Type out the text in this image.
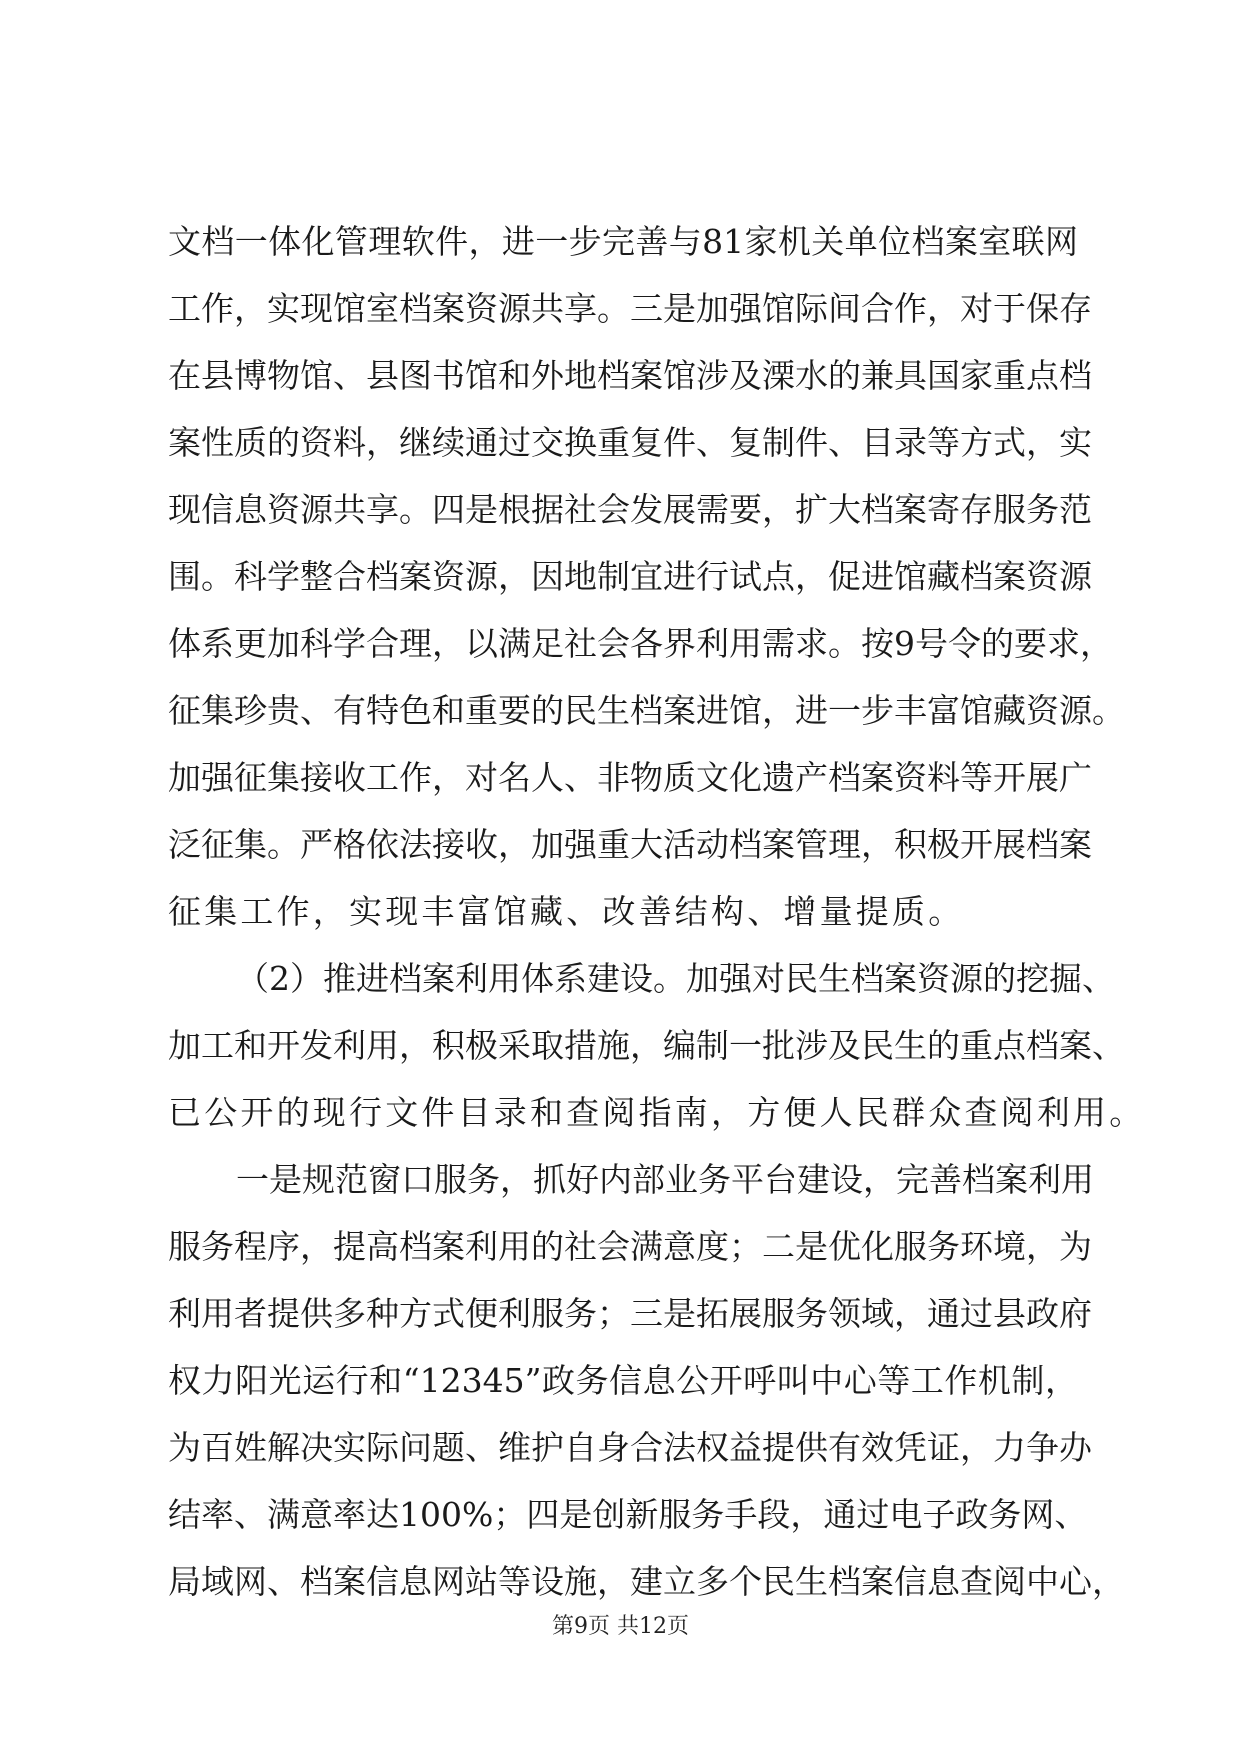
文档一体化管理软件，进一步完善与81家机关单位档案室联网
工作，实现馆室档案资源共享。三是加强馆际间合作，对于保存
在县博物馆、县图书馆和外地档案馆涉及溧水的兼具国家重点档
案性质的资料，继续通过交换重复件、复制件、目录等方式，实
现信息资源共享。四是根据社会发展需要，扩大档案寄存服务范
围。科学整合档案资源，因地制宜进行试点，促进馆藏档案资源
体系更加科学合理，以满足社会各界利用需求。按9号令的要求，
征集珍贵、有特色和重要的民生档案进馆，进一步丰富馆藏资源。
加强征集接收工作，对名人、非物质文化遗产档案资料等开展广
泛征集。严格依法接收，加强重大活动档案管理，积极开展档案
征集工作，实现丰富馆藏、改善结构、增量提质。
（2）推进档案利用体系建设。加强对民生档案资源的挖掘、
加工和开发利用，积极采取措施，编制一批涉及民生的重点档案、
已公开的现行文件目录和查阅指南，方便人民群众查阅利用。
一是规范窗口服务，抓好内部业务平台建设，完善档案利用
服务程序，提高档案利用的社会满意度；二是优化服务环境，为
利用者提供多种方式便利服务；三是拓展服务领域，通过县政府
权力阳光运行和“12345”政务信息公开呼叫中心等工作机制，
为百姓解决实际问题、维护自身合法权益提供有效凭证，力争办
结率、满意率达100%；四是创新服务手段，通过电子政务网、
局域网、档案信息网站等设施，建立多个民生档案信息查阅中心，
第9页 共12页
